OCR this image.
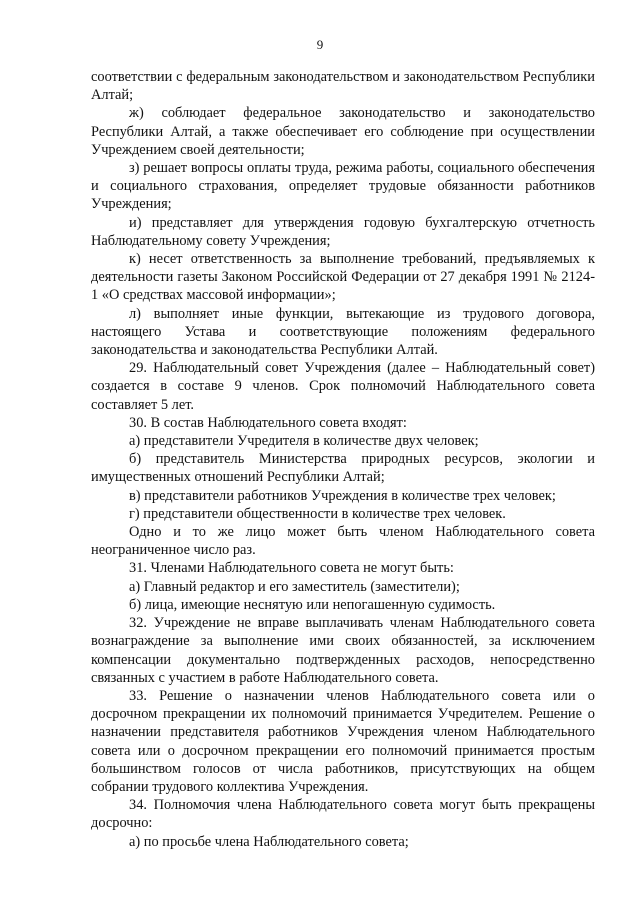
9

соответствии с федеральным законодательством и законодательством Республики Алтай;

ж) соблюдает федеральное законодательство и законодательство Республики Алтай, а также обеспечивает его соблюдение при осуществлении Учреждением своей деятельности;

з) решает вопросы оплаты труда, режима работы, социального обеспечения и социального страхования, определяет трудовые обязанности работников Учреждения;

и) представляет для утверждения годовую бухгалтерскую отчетность Наблюдательному совету Учреждения;

к) несет ответственность за выполнение требований, предъявляемых к деятельности газеты Законом Российской Федерации от 27 декабря 1991 № 2124-1 «О средствах массовой информации»;

л) выполняет иные функции, вытекающие из трудового договора, настоящего Устава и соответствующие положениям федерального законодательства и законодательства Республики Алтай.

29. Наблюдательный совет Учреждения (далее – Наблюдательный совет) создается в составе 9 членов. Срок полномочий Наблюдательного совета составляет 5 лет.

30. В состав Наблюдательного совета входят:

а) представители Учредителя в количестве двух человек;

б) представитель Министерства природных ресурсов, экологии и имущественных отношений Республики Алтай;

в) представители работников Учреждения в количестве трех человек;

г) представители общественности в количестве трех человек.

Одно и то же лицо может быть членом Наблюдательного совета неограниченное число раз.

31. Членами Наблюдательного совета не могут быть:

а) Главный редактор и его заместитель (заместители);

б) лица, имеющие неснятую или непогашенную судимость.

32. Учреждение не вправе выплачивать членам Наблюдательного совета вознаграждение за выполнение ими своих обязанностей, за исключением компенсации документально подтвержденных расходов, непосредственно связанных с участием в работе Наблюдательного совета.

33. Решение о назначении членов Наблюдательного совета или о досрочном прекращении их полномочий принимается Учредителем. Решение о назначении представителя работников Учреждения членом Наблюдательного совета или о досрочном прекращении его полномочий принимается простым большинством голосов от числа работников, присутствующих на общем собрании трудового коллектива Учреждения.

34. Полномочия члена Наблюдательного совета могут быть прекращены досрочно:

а) по просьбе члена Наблюдательного совета;
